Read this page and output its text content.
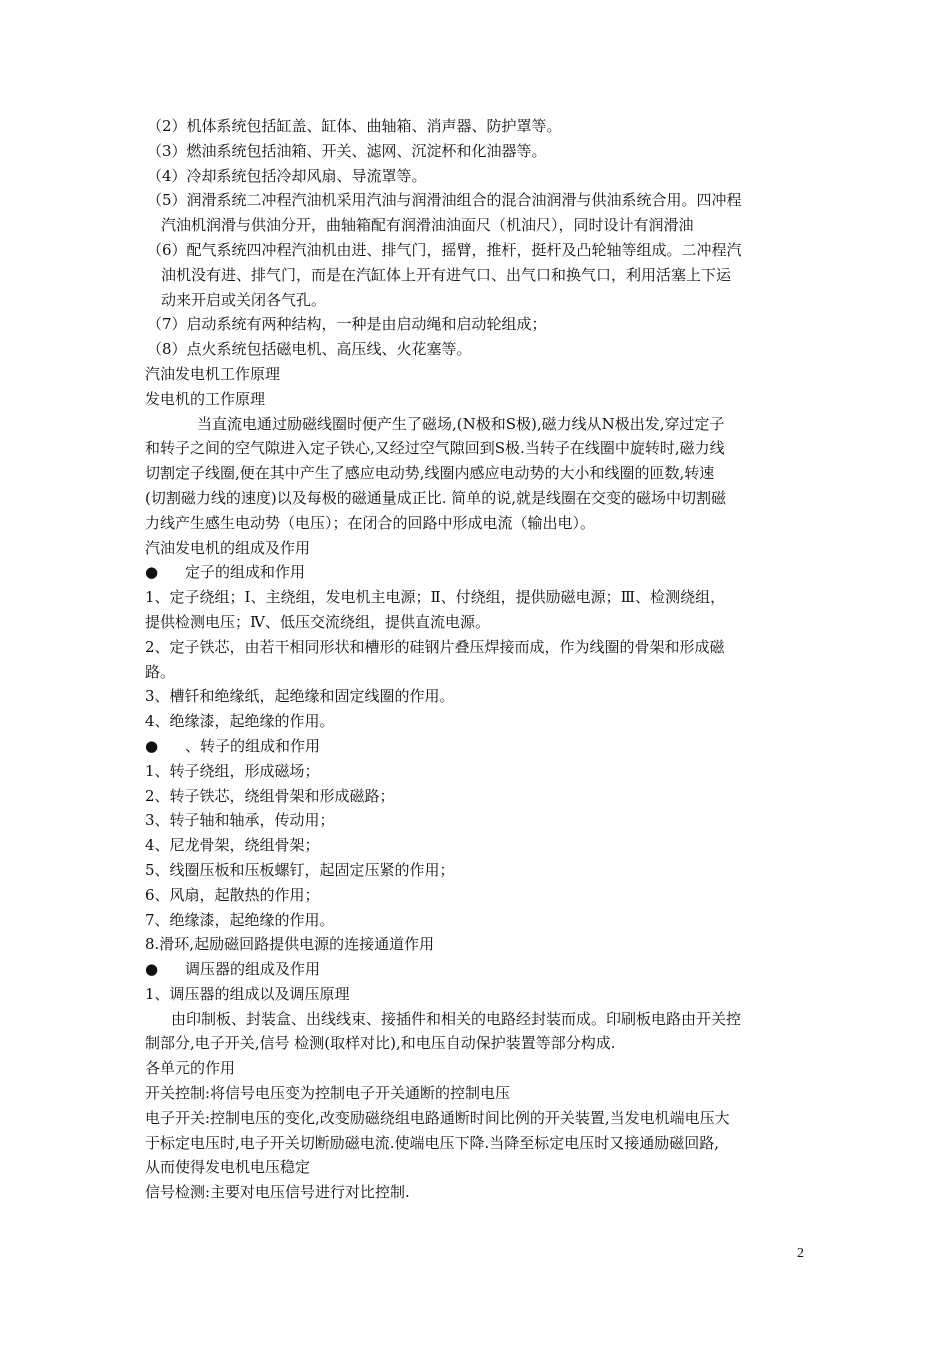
（2）机体系统包括缸盖、缸体、曲轴箱、消声器、防护罩等。
（3）燃油系统包括油箱、开关、滤网、沉淀杯和化油器等。
（4）冷却系统包括冷却风扇、导流罩等。
（5）润滑系统二冲程汽油机采用汽油与润滑油组合的混合油润滑与供油系统合用。四冲程
汽油机润滑与供油分开，曲轴箱配有润滑油油面尺（机油尺），同时设计有润滑油
（6）配气系统四冲程汽油机由进、排气门，摇臂，推杆，挺杆及凸轮轴等组成。二冲程汽
油机没有进、排气门，而是在汽缸体上开有进气口、出气口和换气口，利用活塞上下运
动来开启或关闭各气孔。
（7）启动系统有两种结构，一种是由启动绳和启动轮组成；
（8）点火系统包括磁电机、高压线、火花塞等。
汽油发电机工作原理
发电机的工作原理
当直流电通过励磁线圈时便产生了磁场,(N极和S极),磁力线从N极出发,穿过定子
和转子之间的空气隙进入定子铁心,又经过空气隙回到S极.当转子在线圈中旋转时,磁力线
切割定子线圈,便在其中产生了感应电动势,线圈内感应电动势的大小和线圈的匝数,转速
(切割磁力线的速度)以及每极的磁通量成正比. 简单的说,就是线圈在交变的磁场中切割磁
力线产生感生电动势（电压）；在闭合的回路中形成电流（输出电）。
汽油发电机的组成及作用
● 定子的组成和作用
1、定子绕组；Ⅰ、主绕组，发电机主电源；Ⅱ、付绕组，提供励磁电源；Ⅲ、检测绕组，
提供检测电压；Ⅳ、低压交流绕组，提供直流电源。
2、定子铁芯，由若干相同形状和槽形的硅钢片叠压焊接而成，作为线圈的骨架和形成磁
路。
3、槽钎和绝缘纸，起绝缘和固定线圈的作用。
4、绝缘漆，起绝缘的作用。
● 、转子的组成和作用
1、转子绕组，形成磁场；
2、转子铁芯，绕组骨架和形成磁路；
3、转子轴和轴承，传动用；
4、尼龙骨架，绕组骨架；
5、线圈压板和压板螺钉，起固定压紧的作用；
6、风扇，起散热的作用；
7、绝缘漆，起绝缘的作用。
8.滑环,起励磁回路提供电源的连接通道作用
● 调压器的组成及作用
1、调压器的组成以及调压原理
由印制板、封装盒、出线线束、接插件和相关的电路经封装而成。印刷板电路由开关控
制部分,电子开关,信号 检测(取样对比),和电压自动保护装置等部分构成.
各单元的作用
开关控制:将信号电压变为控制电子开关通断的控制电压
电子开关:控制电压的变化,改变励磁绕组电路通断时间比例的开关装置,当发电机端电压大
于标定电压时,电子开关切断励磁电流.使端电压下降.当降至标定电压时又接通励磁回路,
从而使得发电机电压稳定
信号检测:主要对电压信号进行对比控制.
2
